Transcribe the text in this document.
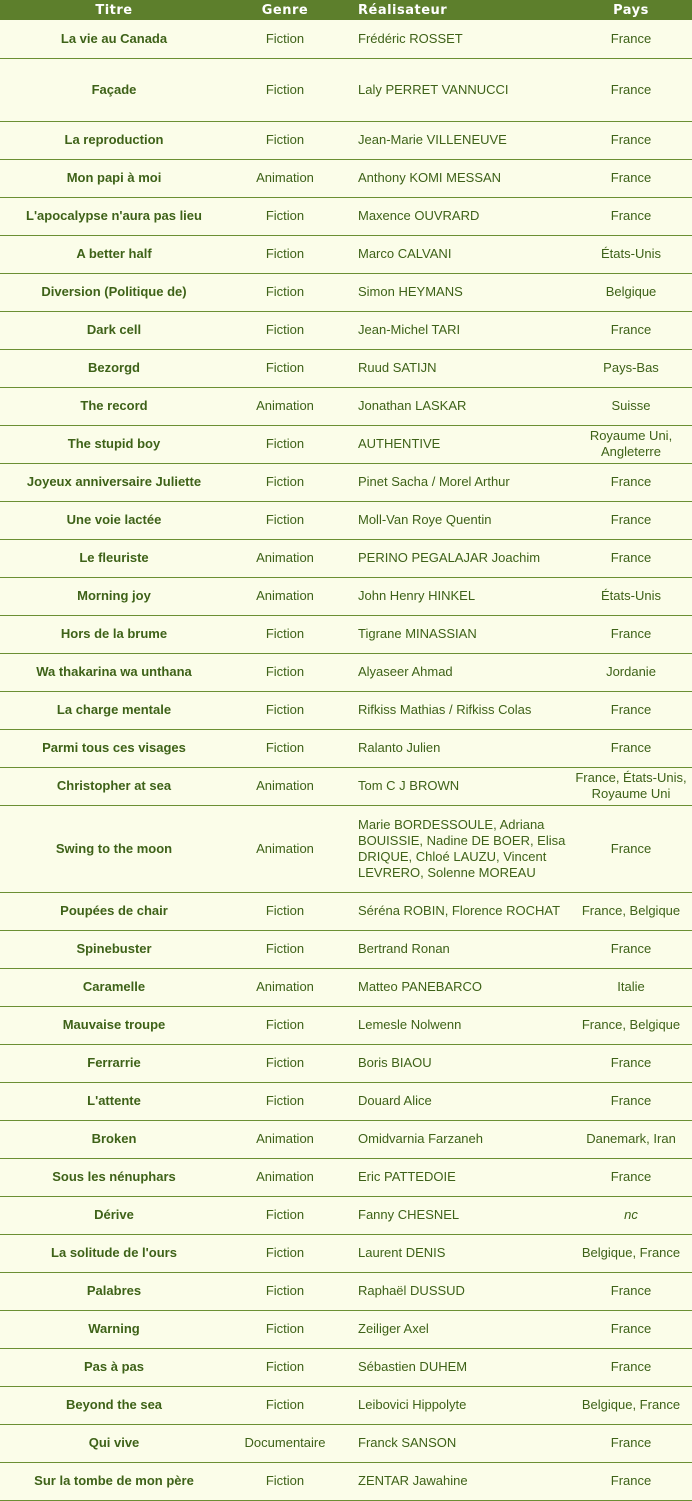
Titre	Genre	Réalisateur	Pays
La vie au Canada	Fiction	Frédéric ROSSET	France
Façade	Fiction	Laly PERRET VANNUCCI	France
La reproduction	Fiction	Jean-Marie VILLENEUVE	France
Mon papi à moi	Animation	Anthony KOMI MESSAN	France
L'apocalypse n'aura pas lieu	Fiction	Maxence OUVRARD	France
A better half	Fiction	Marco CALVANI	États-Unis
Diversion (Politique de)	Fiction	Simon HEYMANS	Belgique
Dark cell	Fiction	Jean-Michel TARI	France
Bezorgd	Fiction	Ruud SATIJN	Pays-Bas
The record	Animation	Jonathan LASKAR	Suisse
The stupid boy	Fiction	AUTHENTIVE	Royaume Uni, Angleterre
Joyeux anniversaire Juliette	Fiction	Pinet Sacha / Morel Arthur	France
Une voie lactée	Fiction	Moll-Van Roye Quentin	France
Le fleuriste	Animation	PERINO PEGALAJAR Joachim	France
Morning joy	Animation	John Henry HINKEL	États-Unis
Hors de la brume	Fiction	Tigrane MINASSIAN	France
Wa thakarina wa unthana	Fiction	Alyaseer Ahmad	Jordanie
La charge mentale	Fiction	Rifkiss Mathias / Rifkiss Colas	France
Parmi tous ces visages	Fiction	Ralanto Julien	France
Christopher at sea	Animation	Tom C J BROWN	France, États-Unis, Royaume Uni
Swing to the moon	Animation	Marie BORDESSOULE, Adriana BOUISSIE, Nadine DE BOER, Elisa DRIQUE, Chloé LAUZU, Vincent LEVRERO, Solenne MOREAU	France
Poupées de chair	Fiction	Séréna ROBIN, Florence ROCHAT	France, Belgique
Spinebuster	Fiction	Bertrand Ronan	France
Caramelle	Animation	Matteo PANEBARCO	Italie
Mauvaise troupe	Fiction	Lemesle Nolwenn	France, Belgique
Ferrarrie	Fiction	Boris BIAOU	France
L'attente	Fiction	Douard Alice	France
Broken	Animation	Omidvarnia Farzaneh	Danemark, Iran
Sous les nénuphars	Animation	Eric PATTEDOIE	France
Dérive	Fiction	Fanny CHESNEL	nc
La solitude de l'ours	Fiction	Laurent DENIS	Belgique, France
Palabres	Fiction	Raphaël DUSSUD	France
Warning	Fiction	Zeiliger Axel	France
Pas à pas	Fiction	Sébastien DUHEM	France
Beyond the sea	Fiction	Leibovici Hippolyte	Belgique, France
Qui vive	Documentaire	Franck SANSON	France
Sur la tombe de mon père	Fiction	ZENTAR Jawahine	France
